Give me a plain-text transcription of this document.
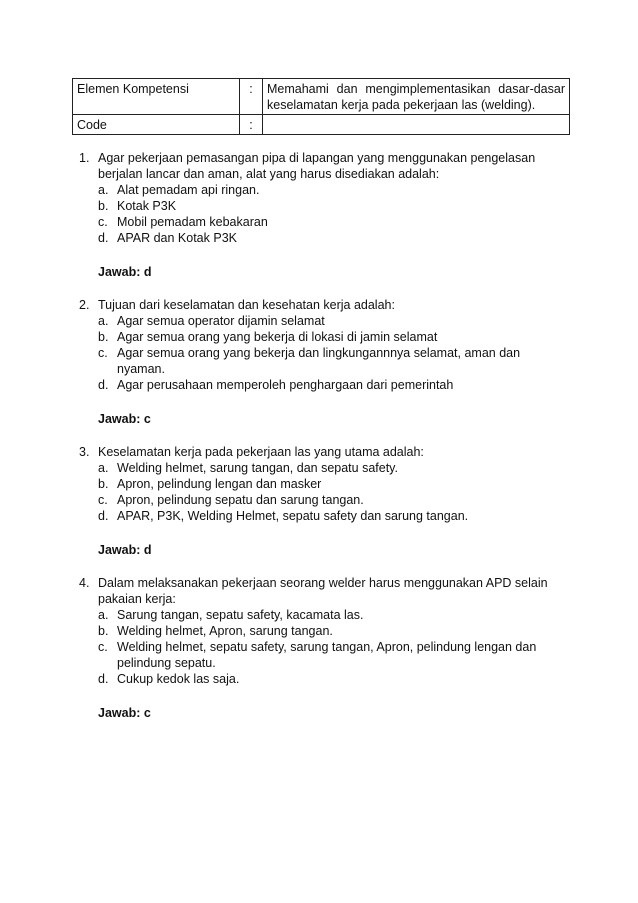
Elemen Kompetensi	:	Memahami dan mengimplementasikan dasar-dasar keselamatan kerja pada pekerjaan las (welding).
Code	:	
1. Agar pekerjaan pemasangan pipa di lapangan yang menggunakan pengelasan berjalan lancar dan aman, alat yang harus disediakan adalah:
a. Alat pemadam api ringan.
b. Kotak P3K
c. Mobil pemadam kebakaran
d. APAR dan Kotak P3K
Jawab: d
2. Tujuan dari keselamatan dan kesehatan kerja adalah:
a. Agar semua operator dijamin selamat
b. Agar semua orang yang bekerja di lokasi di jamin selamat
c. Agar semua orang yang bekerja dan lingkungannnya selamat, aman dan nyaman.
d. Agar perusahaan memperoleh penghargaan dari pemerintah
Jawab: c
3. Keselamatan kerja pada pekerjaan las yang utama adalah:
a. Welding helmet, sarung tangan, dan sepatu safety.
b. Apron, pelindung lengan dan masker
c. Apron, pelindung sepatu dan sarung tangan.
d. APAR, P3K, Welding Helmet, sepatu safety dan sarung tangan.
Jawab: d
4. Dalam melaksanakan pekerjaan seorang welder harus menggunakan APD selain pakaian kerja:
a. Sarung tangan, sepatu safety, kacamata las.
b. Welding helmet, Apron, sarung tangan.
c. Welding helmet, sepatu safety, sarung tangan, Apron, pelindung lengan dan pelindung sepatu.
d. Cukup kedok las saja.
Jawab: c
